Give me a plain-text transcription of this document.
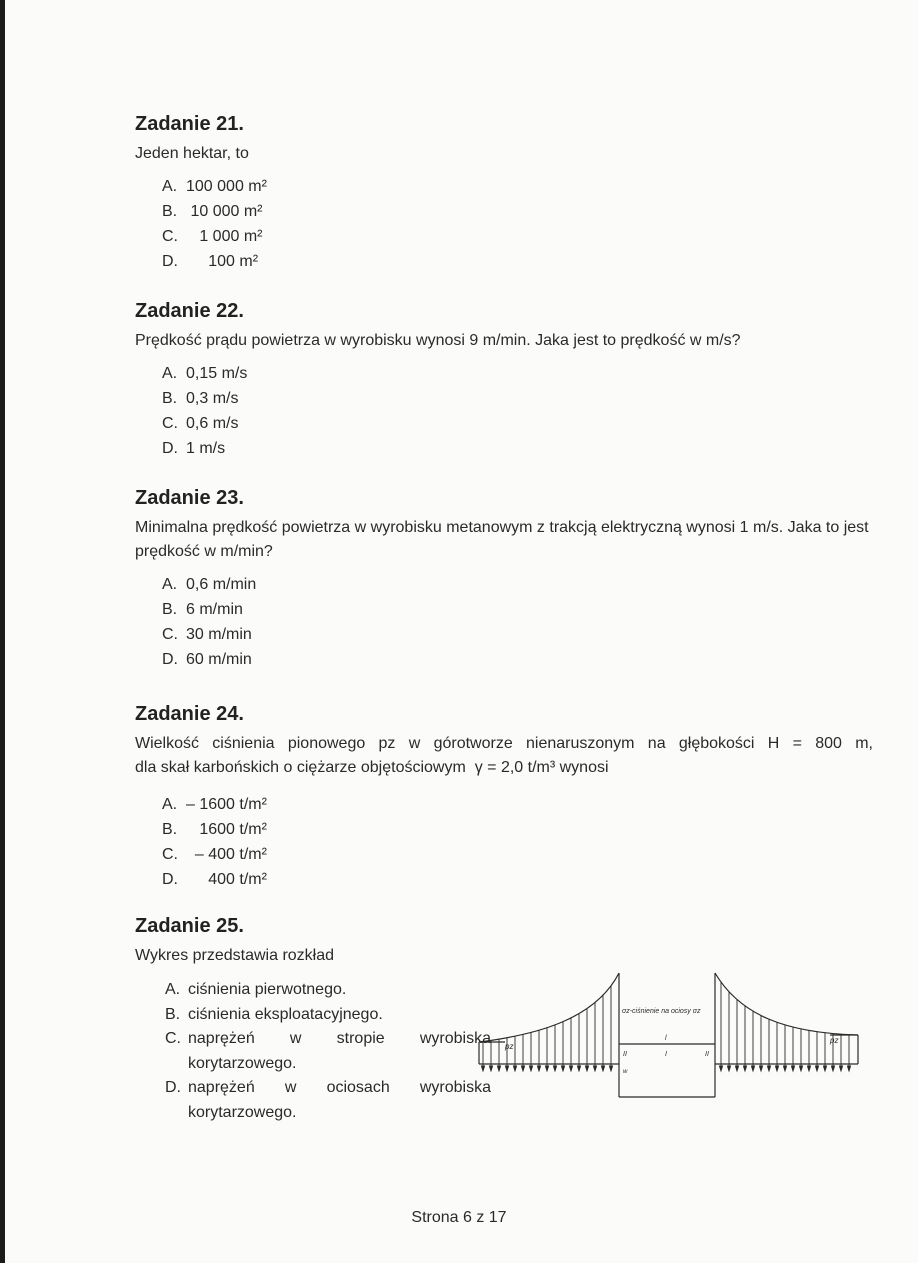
Zadanie 21.

Jeden hektar, to

A. 100 000 m²
B. 10 000 m²
C. 1 000 m²
D. 100 m²
Zadanie 22.

Prędkość prądu powietrza w wyrobisku wynosi 9 m/min. Jaka jest to prędkość w m/s?

A. 0,15 m/s
B. 0,3 m/s
C. 0,6 m/s
D. 1 m/s
Zadanie 23.

Minimalna prędkość powietrza w wyrobisku metanowym z trakcją elektryczną wynosi 1 m/s. Jaka to jest prędkość w m/min?

A. 0,6 m/min
B. 6 m/min
C. 30 m/min
D. 60 m/min
Zadanie 24.
Wielkość ciśnienia pionowego pz w górotworze nienaruszonym na głębokości H = 800 m,
dla skał karbońskich o ciężarze objętościowym γ = 2,0 t/m³ wynosi
A. – 1600 t/m²
B. 1600 t/m²
C. – 400 t/m²
D. 400 t/m²
Zadanie 25.

Wykres przedstawia rozkład

A. ciśnienia pierwotnego.
B. ciśnienia eksploatacyjnego.
C. naprężeń w stropie wyrobiska korytarzowego.
D. naprężeń w ociosach wyrobiska korytarzowego.
σz-ciśnienie na ociosy σz
pz
pz
w
l
II	I	II
Strona 6 z 17
